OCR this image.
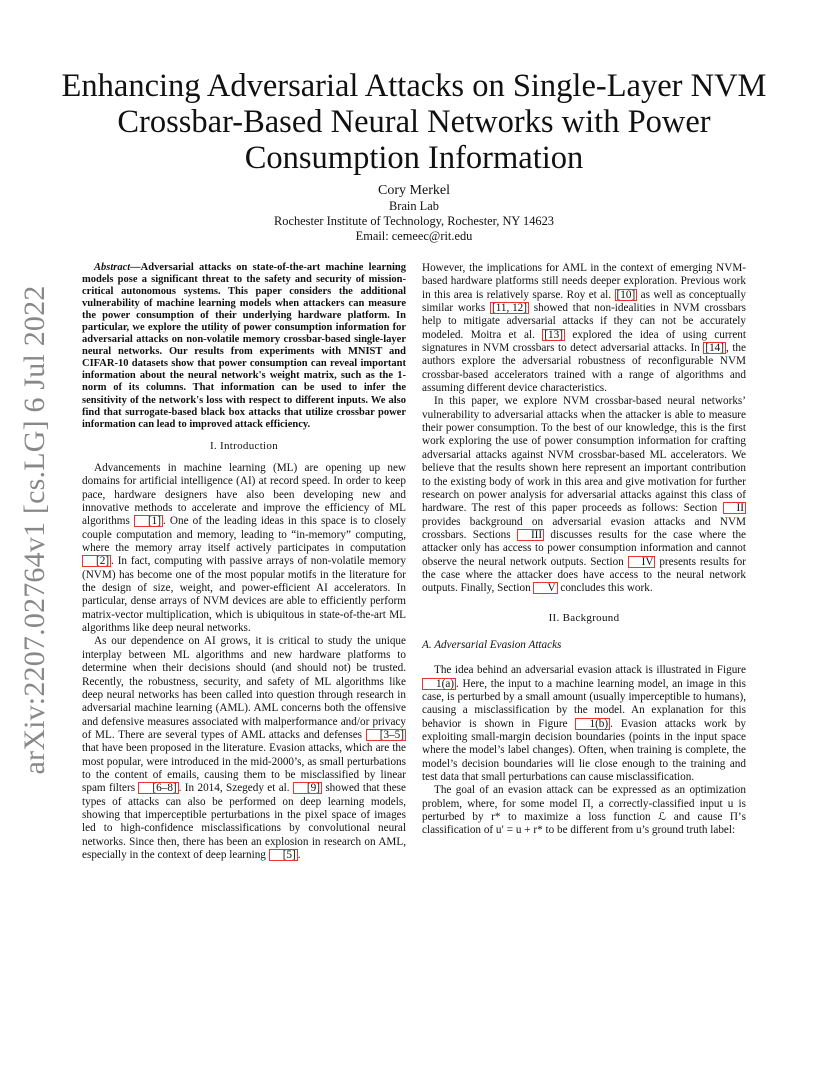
arXiv:2207.02764v1 [cs.LG] 6 Jul 2022
Enhancing Adversarial Attacks on Single-Layer NVM Crossbar-Based Neural Networks with Power Consumption Information
Cory Merkel
Brain Lab
Rochester Institute of Technology, Rochester, NY 14623
Email: cemeec@rit.edu

Abstract—Adversarial attacks on state-of-the-art machine learning models pose a significant threat to the safety and security of mission-critical autonomous systems. This paper considers the additional vulnerability of machine learning models when attackers can measure the power consumption of their underlying hardware platform. In particular, we explore the utility of power consumption information for adversarial attacks on non-volatile memory crossbar-based single-layer neural networks. Our results from experiments with MNIST and CIFAR-10 datasets show that power consumption can reveal important information about the neural network's weight matrix, such as the 1-norm of its columns. That information can be used to infer the sensitivity of the network's loss with respect to different inputs. We also find that surrogate-based black box attacks that utilize crossbar power information can lead to improved attack efficiency.

I. Introduction

Advancements in machine learning (ML) are opening up new domains for artificial intelligence (AI) at record speed. In order to keep pace, hardware designers have also been developing new and innovative methods to accelerate and improve the efficiency of ML algorithms [1] . One of the leading ideas in this space is to closely couple computation and memory, leading to “in-memory” computing, where the memory array itself actively participates in computation [2] . In fact, computing with passive arrays of non-volatile memory (NVM) has become one of the most popular motifs in the literature for the design of size, weight, and power-efficient AI accelerators. In particular, dense arrays of NVM devices are able to efficiently perform matrix-vector multiplication, which is ubiquitous in state-of-the-art ML algorithms like deep neural networks.

As our dependence on AI grows, it is critical to study the unique interplay between ML algorithms and new hardware platforms to determine when their decisions should (and should not) be trusted. Recently, the robustness, security, and safety of ML algorithms like deep neural networks has been called into question through research in adversarial machine learning (AML). AML concerns both the offensive and defensive measures associated with malperformance and/or privacy of ML. There are several types of AML attacks and defenses [3–5] that have been proposed in the literature. Evasion attacks, which are the most popular, were introduced in the mid-2000’s, as small perturbations to the content of emails, causing them to be misclassified by linear spam filters [6–8] . In 2014, Szegedy et al. [9] showed that these types of attacks can also be performed on deep learning models, showing that imperceptible perturbations in the pixel space of images led to high-confidence misclassifications by convolutional neural networks. Since then, there has been an explosion in research on AML, especially in the context of deep learning [5] .

However, the implications for AML in the context of emerging NVM-based hardware platforms still needs deeper exploration. Previous work in this area is relatively sparse. Roy et al. [10] as well as conceptually similar works [11, 12] showed that non-idealities in NVM crossbars help to mitigate adversarial attacks if they can not be accurately modeled. Moitra et al. [13] explored the idea of using current signatures in NVM crossbars to detect adversarial attacks. In [14] , the authors explore the adversarial robustness of reconfigurable NVM crossbar-based accelerators trained with a range of algorithms and assuming different device characteristics.

In this paper, we explore NVM crossbar-based neural networks’ vulnerability to adversarial attacks when the attacker is able to measure their power consumption. To the best of our knowledge, this is the first work exploring the use of power consumption information for crafting adversarial attacks against NVM crossbar-based ML accelerators. We believe that the results shown here represent an important contribution to the existing body of work in this area and give motivation for further research on power analysis for adversarial attacks against this class of hardware. The rest of this paper proceeds as follows: Section II provides background on adversarial evasion attacks and NVM crossbars. Sections III discusses results for the case where the attacker only has access to power consumption information and cannot observe the neural network outputs. Section IV presents results for the case where the attacker does have access to the neural network outputs. Finally, Section V concludes this work.

II. Background
A. Adversarial Evasion Attacks

The idea behind an adversarial evasion attack is illustrated in Figure 1(a) . Here, the input to a machine learning model, an image in this case, is perturbed by a small amount (usually imperceptible to humans), causing a misclassification by the model. An explanation for this behavior is shown in Figure 1(b) . Evasion attacks work by exploiting small-margin decision boundaries (points in the input space where the model’s label changes). Often, when training is complete, the model’s decision boundaries will lie close enough to the training and test data that small perturbations can cause misclassification.

The goal of an evasion attack can be expressed as an optimization problem, where, for some model Π, a correctly-classified input u is perturbed by r* to maximize a loss function ℒ and cause Π’s classification of u′ = u + r* to be different from u’s ground truth label:
